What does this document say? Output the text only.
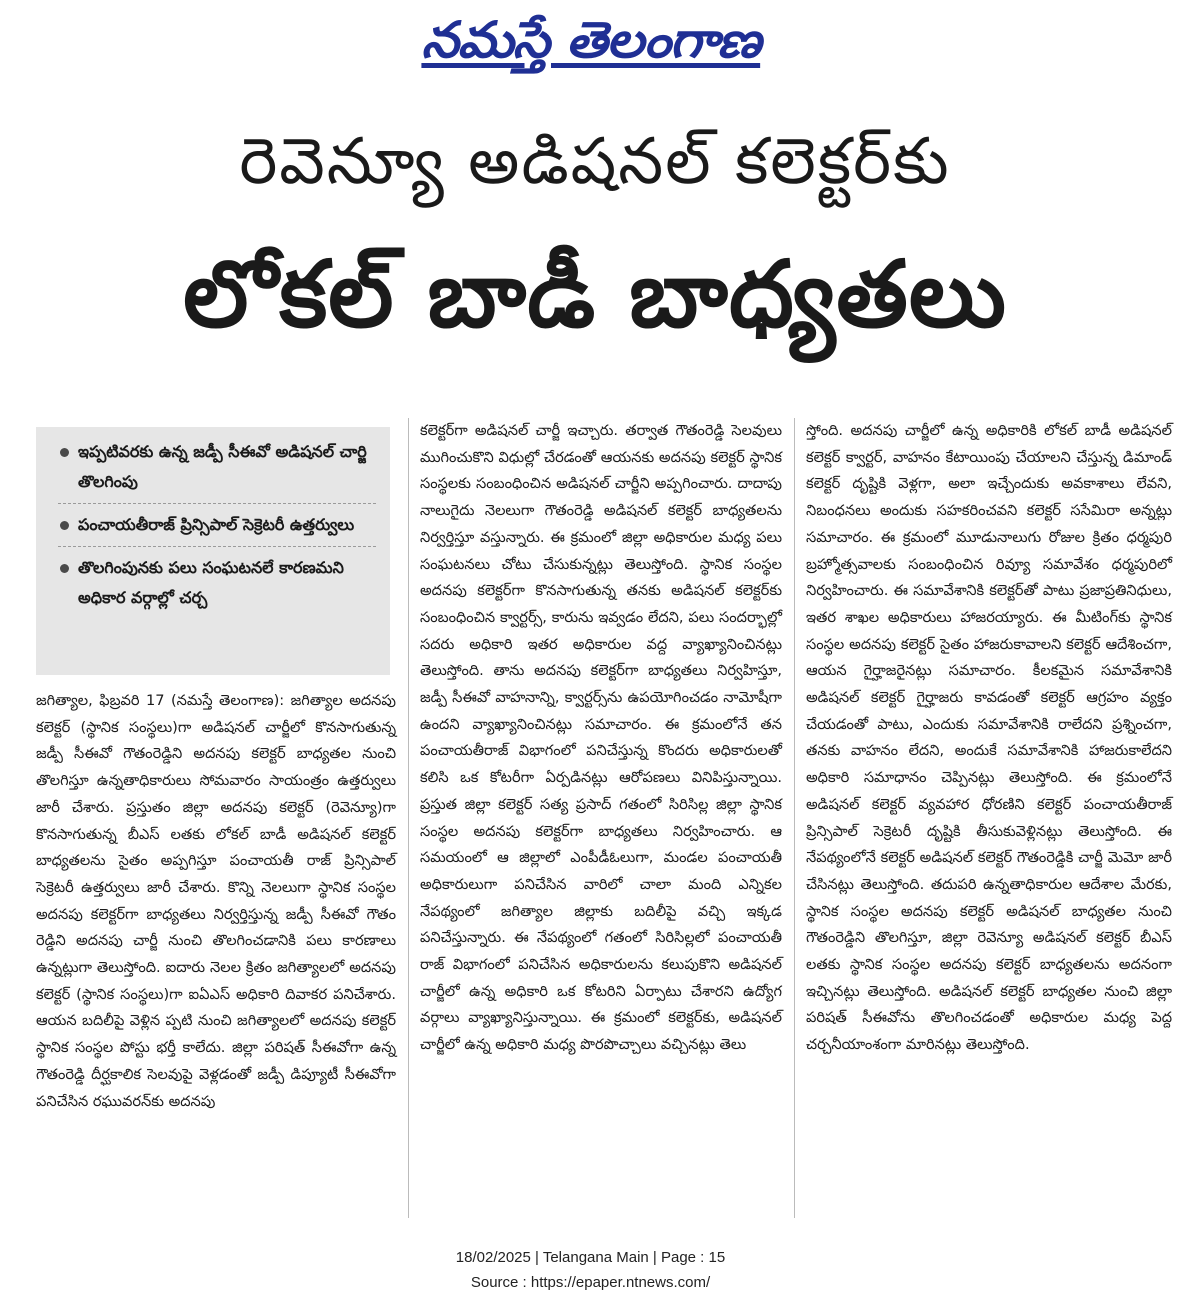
నమస్తే తెలంగాణ
రెవెన్యూ అడిషనల్ కలెక్టర్‌కు
లోకల్ బాడీ బాధ్యతలు
ఇప్పటివరకు ఉన్న జడ్పీ సీఈవో అడిషనల్ చార్జి తొలగింపు
పంచాయతీరాజ్ ప్రిన్సిపాల్ సెక్రెటరీ ఉత్తర్వులు
తొలగింపునకు పలు సంఘటనలే కారణమని అధికార వర్గాల్లో చర్చ
జగిత్యాల, ఫిబ్రవరి 17 (నమస్తే తెలంగాణ): జగిత్యాల అదనపు కలెక్టర్ (స్థానిక సంస్థలు)గా అడిషనల్ చార్జీలో కొనసాగుతున్న జడ్పీ సీఈవో గౌతంరెడ్డిని అదనపు కలెక్టర్ బాధ్యతల నుంచి తొలగిస్తూ ఉన్నతాధికారులు సోమవారం సాయంత్రం ఉత్తర్వులు జారీ చేశారు. ప్రస్తుతం జిల్లా అదనపు కలెక్టర్ (రెవెన్యూ)గా కొనసాగుతున్న బీఎస్ లతకు లోకల్ బాడీ అడిషనల్ కలెక్టర్ బాధ్యతలను సైతం అప్పగిస్తూ పంచాయతీ రాజ్ ప్రిన్సిపాల్ సెక్రెటరీ ఉత్తర్వులు జారీ చేశారు. కొన్ని నెలలుగా స్థానిక సంస్థల అదనపు కలెక్టర్‌గా బాధ్యతలు నిర్వర్తిస్తున్న జడ్పీ సీఈవో గౌతం రెడ్డిని అదనపు చార్జీ నుంచి తొలగించడానికి పలు కారణాలు ఉన్నట్లుగా తెలుస్తోంది. ఐదారు నెలల క్రితం జగిత్యాలలో అదనపు కలెక్టర్ (స్థానిక సంస్థలు)గా ఐఏఎస్ అధికారి దివాకర పనిచేశారు. ఆయన బదిలీపై వెళ్లిన ప్పటి నుంచి జగిత్యాలలో అదనపు కలెక్టర్ స్థానిక సంస్థల పోస్టు భర్తీ కాలేదు. జిల్లా పరిషత్ సీఈవోగా ఉన్న గౌతంరెడ్డి దీర్ఘకాలిక సెలవుపై వెళ్లడంతో జడ్పీ డిప్యూటీ సీఈవోగా పనిచేసిన రఘువరన్‌కు అదనపు
కలెక్టర్‌గా అడిషనల్ చార్జీ ఇచ్చారు. తర్వాత గౌతంరెడ్డి సెలవులు ముగించుకొని విధుల్లో చేరడంతో ఆయనకు అదనపు కలెక్టర్ స్థానిక సంస్థలకు సంబంధించిన అడిషనల్ చార్జీని అప్పగించారు. దాదాపు నాలుగైదు నెలలుగా గౌతంరెడ్డి అడిషనల్ కలెక్టర్ బాధ్యతలను నిర్వర్తిస్తూ వస్తున్నారు. ఈ క్రమంలో జిల్లా అధికారుల మధ్య పలు సంఘటనలు చోటు చేసుకున్నట్లు తెలుస్తోంది. స్థానిక సంస్థల అదనపు కలెక్టర్‌గా కొనసాగుతున్న తనకు అడిషనల్ కలెక్టర్‌కు సంబంధించిన క్వార్టర్స్, కారును ఇవ్వడం లేదని, పలు సందర్భాల్లో సదరు అధికారి ఇతర అధికారుల వద్ద వ్యాఖ్యానించినట్లు తెలుస్తోంది. తాను అదనపు కలెక్టర్‌గా బాధ్యతలు నిర్వహిస్తూ, జడ్పీ సీఈవో వాహనాన్ని, క్వార్టర్స్‌ను ఉపయోగించడం నామోషీగా ఉందని వ్యాఖ్యానించినట్లు సమాచారం. ఈ క్రమంలోనే తన పంచాయతీరాజ్ విభాగంలో పనిచేస్తున్న కొందరు అధికారులతో కలిసి ఒక కోటరీగా ఏర్పడినట్లు ఆరోపణలు వినిపిస్తున్నాయి. ప్రస్తుత జిల్లా కలెక్టర్ సత్య ప్రసాద్ గతంలో సిరిసిల్ల జిల్లా స్థానిక సంస్థల అదనపు కలెక్టర్‌గా బాధ్యతలు నిర్వహించారు. ఆ సమయంలో ఆ జిల్లాలో ఎంపీడీఓలుగా, మండల పంచాయతీ అధికారులుగా పనిచేసిన వారిలో చాలా మంది ఎన్నికల నేపథ్యంలో జగిత్యాల జిల్లాకు బదిలీపై వచ్చి ఇక్కడ పనిచేస్తున్నారు. ఈ నేపథ్యంలో గతంలో సిరిసిల్లలో పంచాయతీ రాజ్ విభాగంలో పనిచేసిన అధికారులను కలుపుకొని అడిషనల్ చార్జీలో ఉన్న అధికారి ఒక కోటరిని ఏర్పాటు చేశారని ఉద్యోగ వర్గాలు వ్యాఖ్యానిస్తున్నాయి. ఈ క్రమంలో కలెక్టర్‌కు, అడిషనల్ చార్జీలో ఉన్న అధికారి మధ్య పొరపొచ్చాలు వచ్చినట్లు తెలు
స్తోంది. అదనపు చార్జీలో ఉన్న అధికారికి లోకల్ బాడీ అడిషనల్ కలెక్టర్ క్వార్టర్, వాహనం కేటాయింపు చేయాలని చేస్తున్న డిమాండ్ కలెక్టర్ దృష్టికి వెళ్లగా, అలా ఇచ్చేందుకు అవకాశాలు లేవని, నిబంధనలు అందుకు సహకరించవని కలెక్టర్ ససేమిరా అన్నట్లు సమాచారం. ఈ క్రమంలో మూడునాలుగు రోజుల క్రితం ధర్మపురి బ్రహ్మోత్సవాలకు సంబంధించిన రివ్యూ సమావేశం ధర్మపురిలో నిర్వహించారు. ఈ సమావేశానికి కలెక్టర్‌తో పాటు ప్రజాప్రతినిధులు, ఇతర శాఖల అధికారులు హాజరయ్యారు. ఈ మీటింగ్‌కు స్థానిక సంస్థల అదనపు కలెక్టర్ సైతం హాజరుకావాలని కలెక్టర్ ఆదేశించగా, ఆయన గైర్హాజరైనట్లు సమాచారం. కీలకమైన సమావేశానికి అడిషనల్ కలెక్టర్ గైర్హాజరు కావడంతో కలెక్టర్ ఆగ్రహం వ్యక్తం చేయడంతో పాటు, ఎందుకు సమావేశానికి రాలేదని ప్రశ్నించగా, తనకు వాహనం లేదని, అందుకే సమావేశానికి హాజరుకాలేదని అధికారి సమాధానం చెప్పినట్లు తెలుస్తోంది. ఈ క్రమంలోనే అడిషనల్ కలెక్టర్ వ్యవహార ధోరణిని కలెక్టర్ పంచాయతీరాజ్ ప్రిన్సిపాల్ సెక్రెటరీ దృష్టికి తీసుకువెళ్లినట్లు తెలుస్తోంది. ఈ నేపథ్యంలోనే కలెక్టర్ అడిషనల్ కలెక్టర్ గౌతంరెడ్డికి చార్జీ మెమో జారీ చేసినట్లు తెలుస్తోంది. తదుపరి ఉన్నతాధికారుల ఆదేశాల మేరకు, స్థానిక సంస్థల అదనపు కలెక్టర్ అడిషనల్ బాధ్యతల నుంచి గౌతంరెడ్డిని తొలగిస్తూ, జిల్లా రెవెన్యూ అడిషనల్ కలెక్టర్ బీఎస్ లతకు స్థానిక సంస్థల అదనపు కలెక్టర్ బాధ్యతలను అదనంగా ఇచ్చినట్లు తెలుస్తోంది. అడిషనల్ కలెక్టర్ బాధ్యతల నుంచి జిల్లా పరిషత్ సీఈవోను తొలగించడంతో అధికారుల మధ్య పెద్ద చర్చనీయాంశంగా మారినట్లు తెలుస్తోంది.
18/02/2025 | Telangana Main | Page : 15
Source : https://epaper.ntnews.com/
